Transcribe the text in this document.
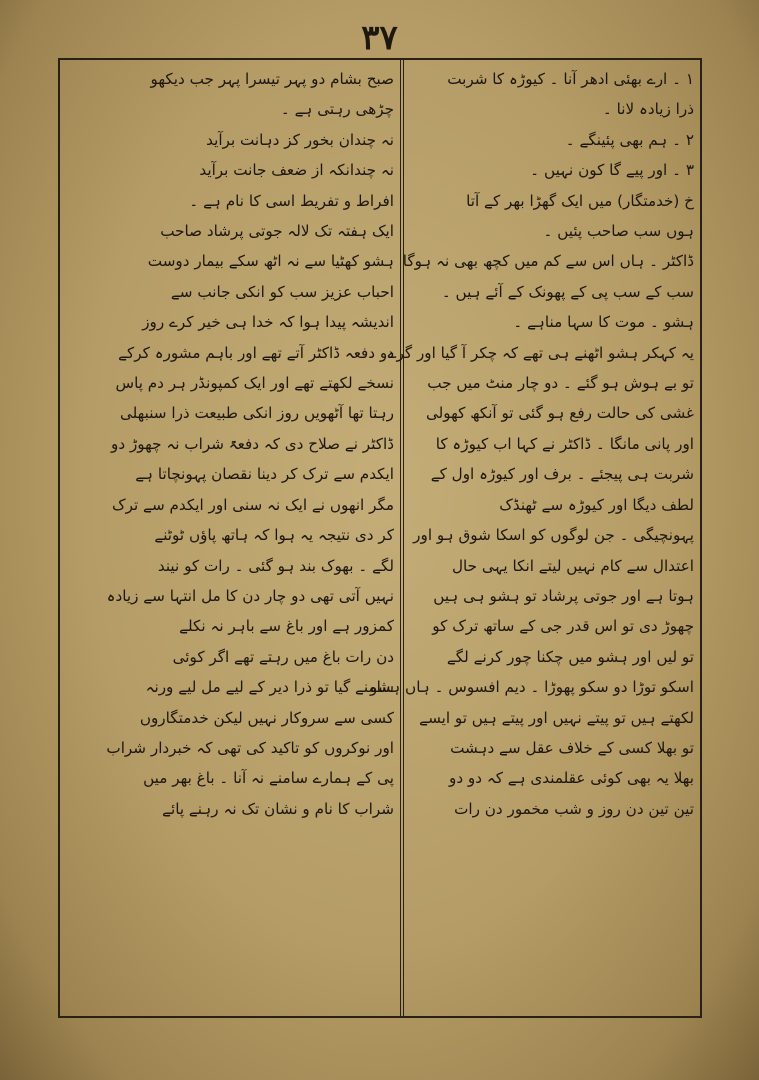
۳۷
۱ ۔ ارے بھئی ادھر آنا ۔ کیوڑہ کا شربت
ذرا زیادہ لانا ۔
۲ ۔ ہم بھی پئینگے ۔
۳ ۔ اور پیے گا کون نہیں ۔
خ (خدمتگار) میں ایک گھڑا بھر کے آتا
ہوں سب صاحب پئیں ۔
ڈاکٹر ۔ ہاں اس سے کم میں کچھ بھی نہ ہوگا
سب کے سب پی کے پھونک کے آئے ہیں ۔
ہشو ۔ موت کا سہا مناہے ۔
یہ کہکر ہشو اٹھنے ہی تھے کہ چکر آ گیا اور گرے
تو بے ہوش ہو گئے ۔ دو چار منٹ میں جب
غشی کی حالت رفع ہو گئی تو آنکھ کھولی
اور پانی مانگا ۔ ڈاکٹر نے کہا اب کیوڑہ کا
شربت ہی پیجئے ۔ برف اور کیوڑہ اول کے
لطف دیگا اور کیوڑہ سے ٹھنڈک
پہونچیگی ۔ جن لوگوں کو اسکا شوق ہو اور
اعتدال سے کام نہیں لیتے انکا یہی حال
ہوتا ہے اور جوتی پرشاد تو ہشو ہی ہیں
چھوڑ دی تو اس قدر جی کے ساتھ ترک کو
تو لیں اور ہشو میں چکنا چور کرنے لگے
اسکو توڑا دو سکو پھوڑا ۔ دیم افسوس ۔ ہاں ہشو
لکھتے ہیں تو پیتے نہیں اور پیتے ہیں تو ایسے
تو بھلا کسی کے خلاف عقل سے دہشت
بھلا یہ بھی کوئی عقلمندی ہے کہ دو دو
تین تین دن روز و شب مخمور دن رات
صبح بشام دو پہر تیسرا پہر جب دیکھو
چڑھی رہتی ہے ۔
نہ چندان بخور کز دہانت برآید
نہ چندانکہ از ضعف جانت برآید
افراط و تفریط اسی کا نام ہے ۔
ایک ہفتہ تک لالہ جوتی پرشاد صاحب
ہشو کھٹیا سے نہ اٹھ سکے بیمار دوست
احباب عزیز سب کو انکی جانب سے
اندیشہ پیدا ہوا کہ خدا ہی خیر کرے روز
دو دفعہ ڈاکٹر آتے تھے اور باہم مشورہ کرکے
نسخے لکھتے تھے اور ایک کمپونڈر ہر دم پاس
رہتا تھا آٹھویں روز انکی طبیعت ذرا سنبھلی
ڈاکٹر نے صلاح دی کہ دفعۃً شراب نہ چھوڑ دو
ایکدم سے ترک کر دینا نقصان پہونچاتا ہے
مگر انھوں نے ایک نہ سنی اور ایکدم سے ترک
کر دی نتیجہ یہ ہوا کہ ہاتھ پاؤں ٹوٹنے
لگے ۔ بھوک بند ہو گئی ۔ رات کو نیند
نہیں آتی تھی دو چار دن کا مل انتہا سے زیادہ
کمزور ہے اور باغ سے باہر نہ نکلے
دن رات باغ میں رہتے تھے اگر کوئی
سامنے گیا تو ذرا دیر کے لیے مل لیے ورنہ
کسی سے سروکار نہیں لیکن خدمتگاروں
اور نوکروں کو تاکید کی تھی کہ خبردار شراب
پی کے ہمارے سامنے نہ آنا ۔ باغ بھر میں
شراب کا نام و نشان تک نہ رہنے پائے
